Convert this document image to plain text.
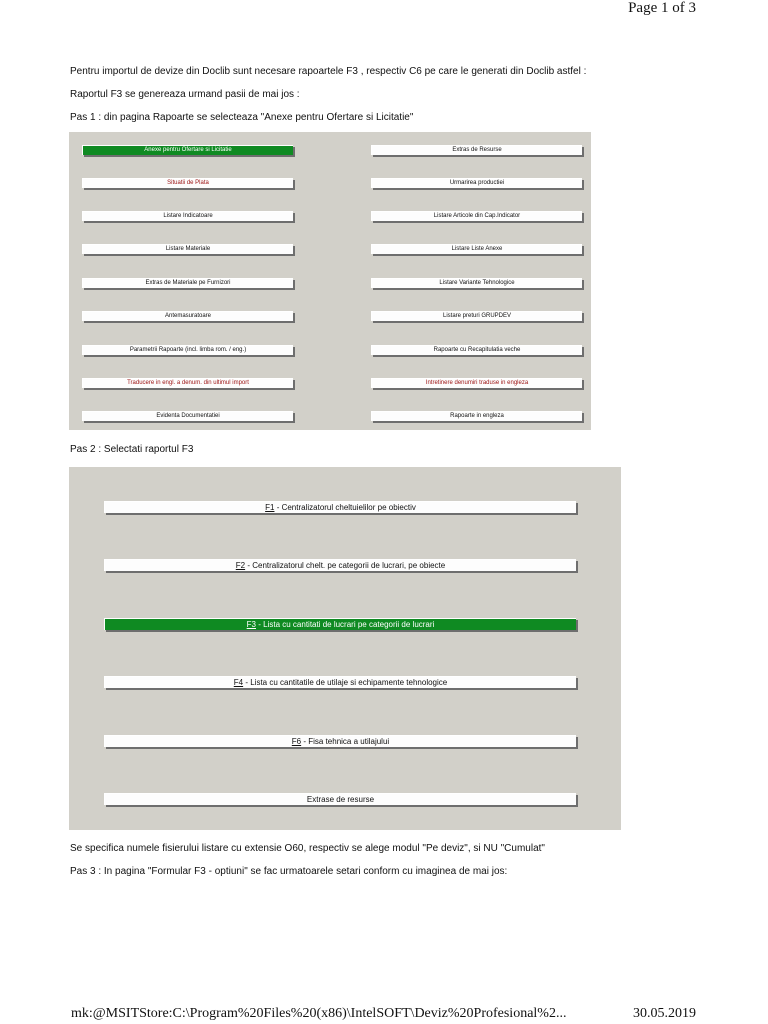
Page 1 of 3
Pentru importul de devize din Doclib sunt necesare rapoartele F3 , respectiv C6 pe care le generati din Doclib astfel :
Raportul F3 se genereaza urmand pasii de mai jos :
Pas 1 : din pagina Rapoarte se selecteaza "Anexe pentru Ofertare si Licitatie"
Anexe pentru Ofertare si Licitatie
Situatii de Plata
Listare Indicatoare
Listare Materiale
Extras de Materiale pe Furnizori
Antemasuratoare
Parametrii Rapoarte (incl. limba rom. / eng.)
Traducere in engl. a denum. din ultimul import
Evidenta Documentatiei
Extras de Resurse
Urmarirea productiei
Listare Articole din Cap.Indicator
Listare Liste Anexe
Listare Variante Tehnologice
Listare preturi GRUPDEV
Rapoarte cu Recapitulatia veche
Intretinere denumiri traduse in engleza
Rapoarte in engleza
Pas 2 : Selectati raportul F3
F1 - Centralizatorul cheltuielilor pe obiectiv
F2 - Centralizatorul chelt. pe categorii de lucrari, pe obiecte
F3 - Lista cu cantitati de lucrari pe categorii de lucrari
F4 - Lista cu cantitatile de utilaje si echipamente tehnologice
F6 - Fisa tehnica a utilajului
Extrase de resurse
Se specifica numele fisierului listare cu extensie O60, respectiv se alege modul "Pe deviz", si NU "Cumulat"
Pas 3 : In pagina "Formular F3 - optiuni" se fac urmatoarele setari conform cu imaginea de mai jos:
mk:@MSITStore:C:\Program%20Files%20(x86)\IntelSOFT\Deviz%20Profesional%2...	30.05.2019
